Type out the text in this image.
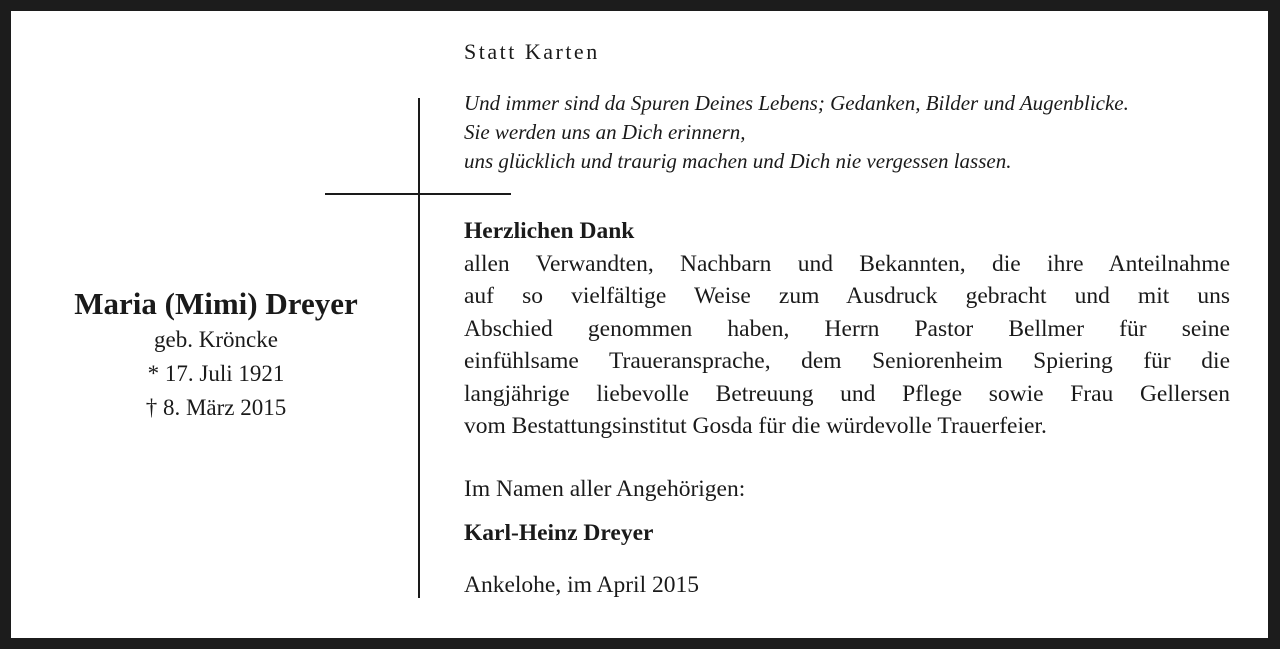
Statt Karten
Und immer sind da Spuren Deines Lebens; Gedanken, Bilder und Augenblicke.
Sie werden uns an Dich erinnern,
uns glücklich und traurig machen und Dich nie vergessen lassen.
Maria (Mimi) Dreyer
geb. Kröncke
* 17. Juli 1921
† 8. März 2015
Herzlichen Dank
allen Verwandten, Nachbarn und Bekannten, die ihre Anteilnahme
auf so vielfältige Weise zum Ausdruck gebracht und mit uns
Abschied genommen haben, Herrn Pastor Bellmer für seine
einfühlsame Traueransprache, dem Seniorenheim Spiering für die
langjährige liebevolle Betreuung und Pflege sowie Frau Gellersen
vom Bestattungsinstitut Gosda für die würdevolle Trauerfeier.
Im Namen aller Angehörigen:
Karl-Heinz Dreyer
Ankelohe, im April 2015
